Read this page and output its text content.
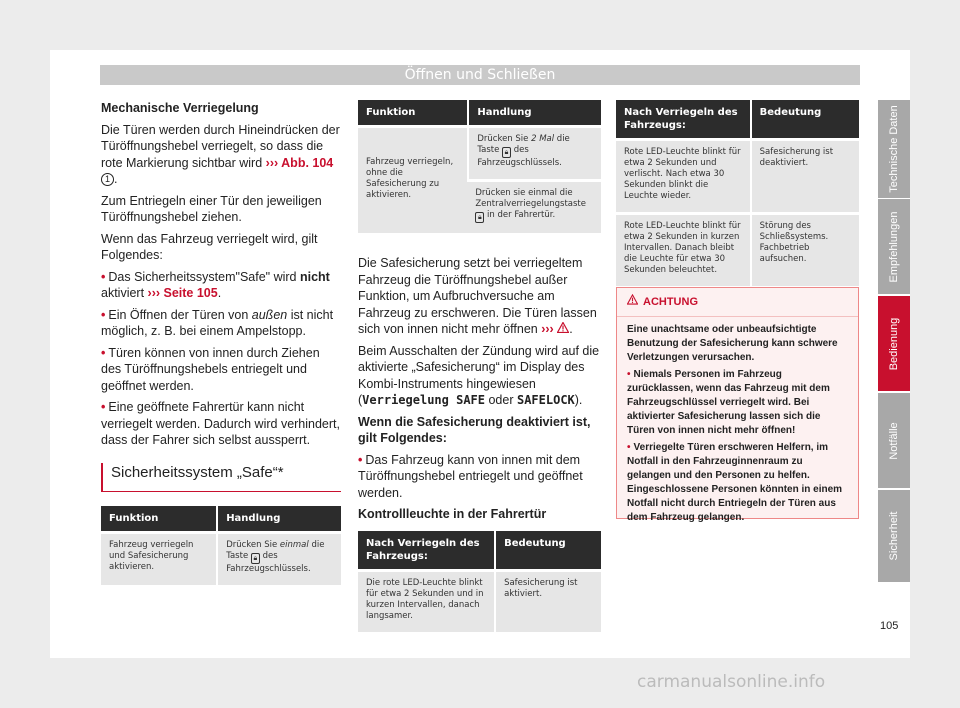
Öffnen und Schließen

Mechanische Verriegelung

Die Türen werden durch Hineindrücken der Türöffnungshebel verriegelt, so dass die rote Markierung sichtbar wird ››› Abb. 104 1 .

Zum Entriegeln einer Tür den jeweiligen Türöffnungshebel ziehen.

Wenn das Fahrzeug verriegelt wird, gilt Folgendes:

• Das Sicherheitssystem"Safe" wird nicht aktiviert ››› Seite 105.

• Ein Öffnen der Türen von außen ist nicht möglich, z. B. bei einem Ampelstopp.

• Türen können von innen durch Ziehen des Türöffnungshebels entriegelt und geöffnet werden.

• Eine geöffnete Fahrertür kann nicht verriegelt werden. Dadurch wird verhindert, dass der Fahrer sich selbst aussperrt.

Sicherheitssystem „Safe“*
Funktion	Handlung
Fahrzeug verriegeln und Safesicherung aktivieren.	Drücken Sie einmal die Taste 🔒︎ des Fahrzeugschlüssels.
Funktion	Handlung
Fahrzeug verriegeln, ohne die Safesicherung zu aktivieren.	Drücken Sie 2 Mal die Taste 🔒︎ des Fahrzeugschlüssels.
	Drücken sie einmal die Zentralverriegelungstaste 🔒︎ in der Fahrertür.

Die Safesicherung setzt bei verriegeltem Fahrzeug die Türöffnungshebel außer Funktion, um Aufbruchversuche am Fahrzeug zu erschweren. Die Türen lassen sich von innen nicht mehr öffnen ››› .

Beim Ausschalten der Zündung wird auf die aktivierte „Safesicherung“ im Display des Kombi-Instruments hingewiesen (Verriegelung SAFE oder SAFELOCK).

Wenn die Safesicherung deaktiviert ist, gilt Folgendes:

• Das Fahrzeug kann von innen mit dem Türöffnungshebel entriegelt und geöffnet werden.

Kontrollleuchte in der Fahrertür

Nach Verriegeln des Fahrzeugs:	Bedeutung
Die rote LED-Leuchte blinkt für etwa 2 Sekunden und in kurzen Intervallen, danach langsamer.	Safesicherung ist aktiviert.
Nach Verriegeln des Fahrzeugs:	Bedeutung
Rote LED-Leuchte blinkt für etwa 2 Sekunden und verlischt. Nach etwa 30 Sekunden blinkt die Leuchte wieder.	Safesicherung ist deaktiviert.
Rote LED-Leuchte blinkt für etwa 2 Sekunden in kurzen Intervallen. Danach bleibt die Leuchte für etwa 30 Sekunden beleuchtet.	Störung des Schließsystems. Fachbetrieb aufsuchen.
ACHTUNG

Eine unachtsame oder unbeaufsichtigte Benutzung der Safesicherung kann schwere Verletzungen verursachen.

• Niemals Personen im Fahrzeug zurücklassen, wenn das Fahrzeug mit dem Fahrzeugschlüssel verriegelt wird. Bei aktivierter Safesicherung lassen sich die Türen von innen nicht mehr öffnen!

• Verriegelte Türen erschweren Helfern, im Notfall in den Fahrzeuginnenraum zu gelangen und den Personen zu helfen. Eingeschlossene Personen könnten in einem Notfall nicht durch Entriegeln der Türen aus dem Fahrzeug gelangen.

Technische Daten
Empfehlungen
Bedienung
Notfälle
Sicherheit
105
carmanualsonline.info
